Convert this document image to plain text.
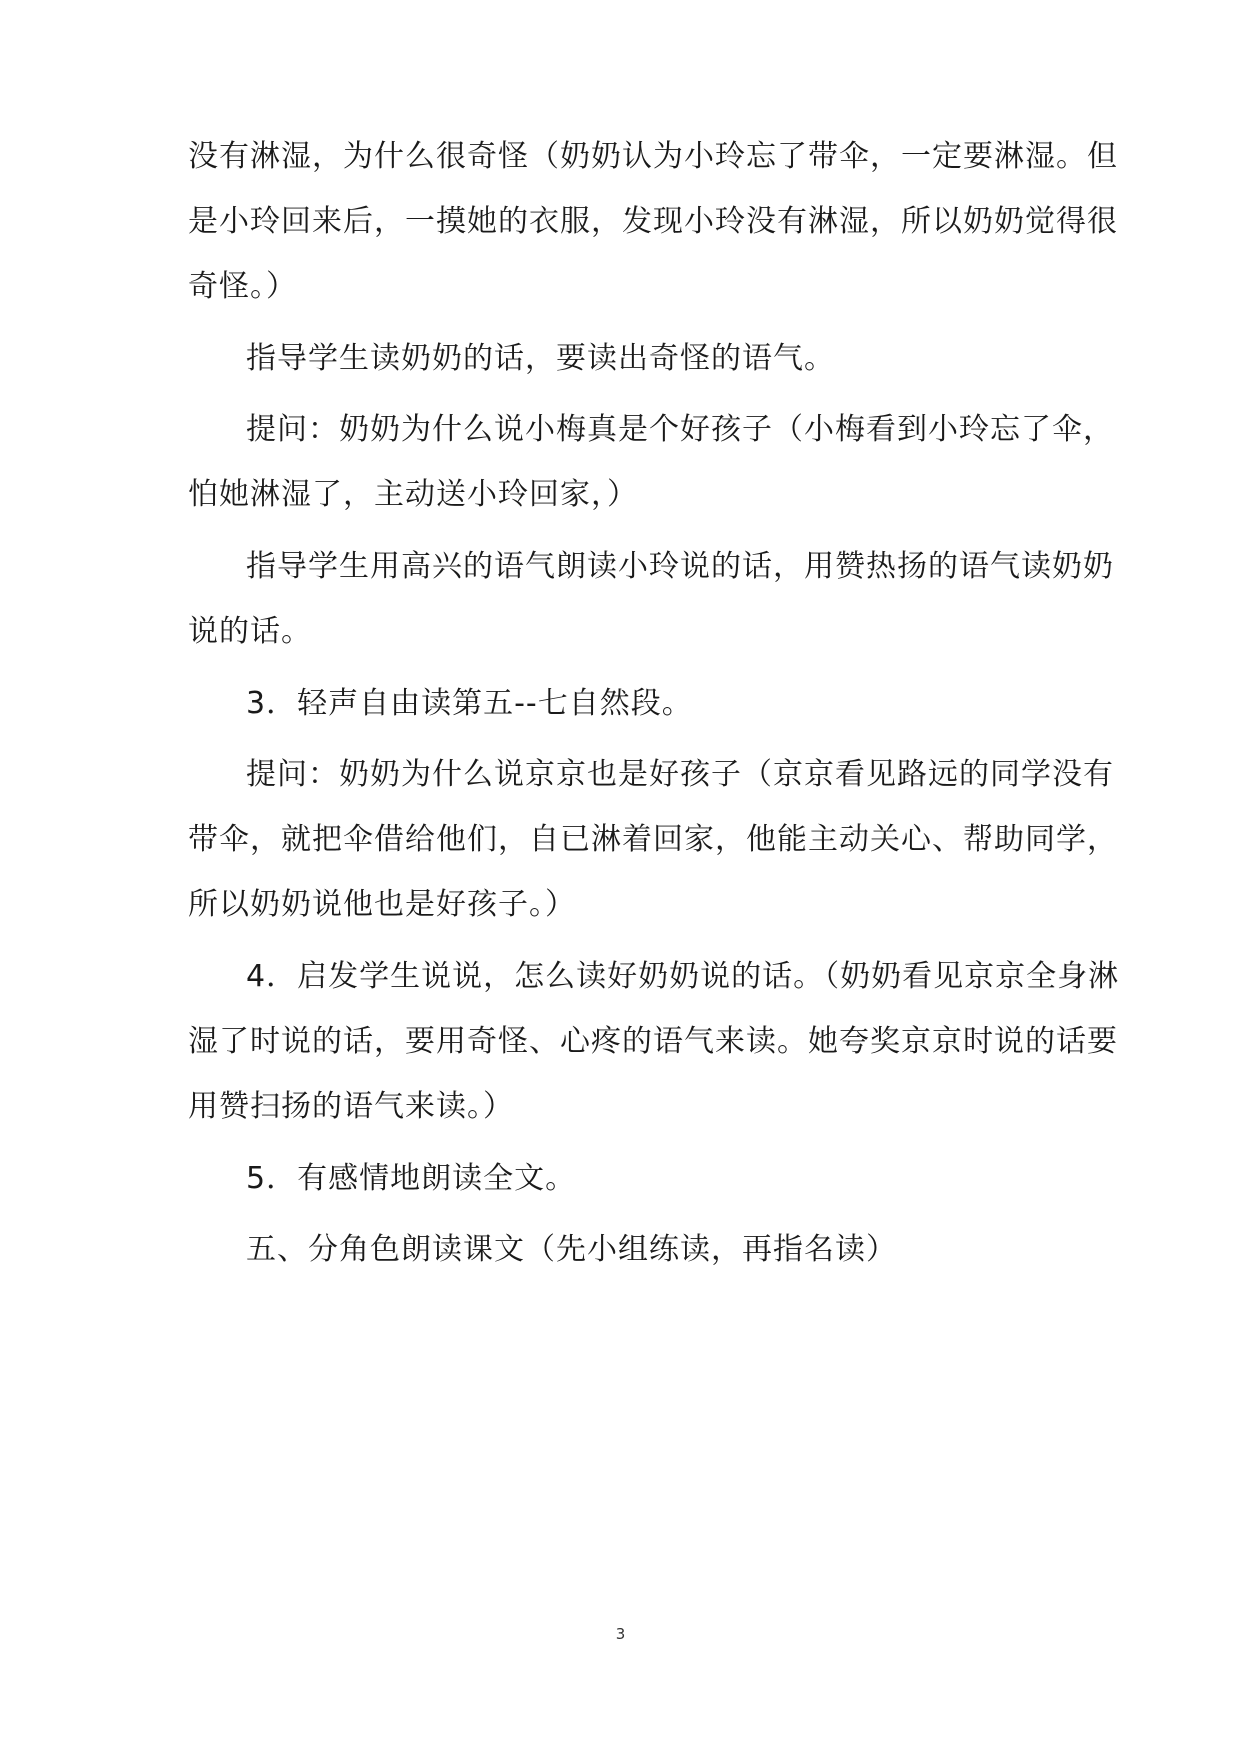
没有淋湿，为什么很奇怪（奶奶认为小玲忘了带伞，一定要淋湿。但
是小玲回来后，一摸她的衣服，发现小玲没有淋湿，所以奶奶觉得很
奇怪。）
指导学生读奶奶的话，要读出奇怪的语气。
提问：奶奶为什么说小梅真是个好孩子（小梅看到小玲忘了伞，
怕她淋湿了，主动送小玲回家，）
指导学生用高兴的语气朗读小玲说的话，用赞热扬的语气读奶奶
说的话。
3．轻声自由读第五--七自然段。
提问：奶奶为什么说京京也是好孩子（京京看见路远的同学没有
带伞，就把伞借给他们，自已淋着回家，他能主动关心、帮助同学，
所以奶奶说他也是好孩子。）
4．启发学生说说，怎么读好奶奶说的话。（奶奶看见京京全身淋
湿了时说的话，要用奇怪、心疼的语气来读。她夸奖京京时说的话要
用赞扫扬的语气来读。）
5．有感情地朗读全文。
五、分角色朗读课文（先小组练读，再指名读）
3
